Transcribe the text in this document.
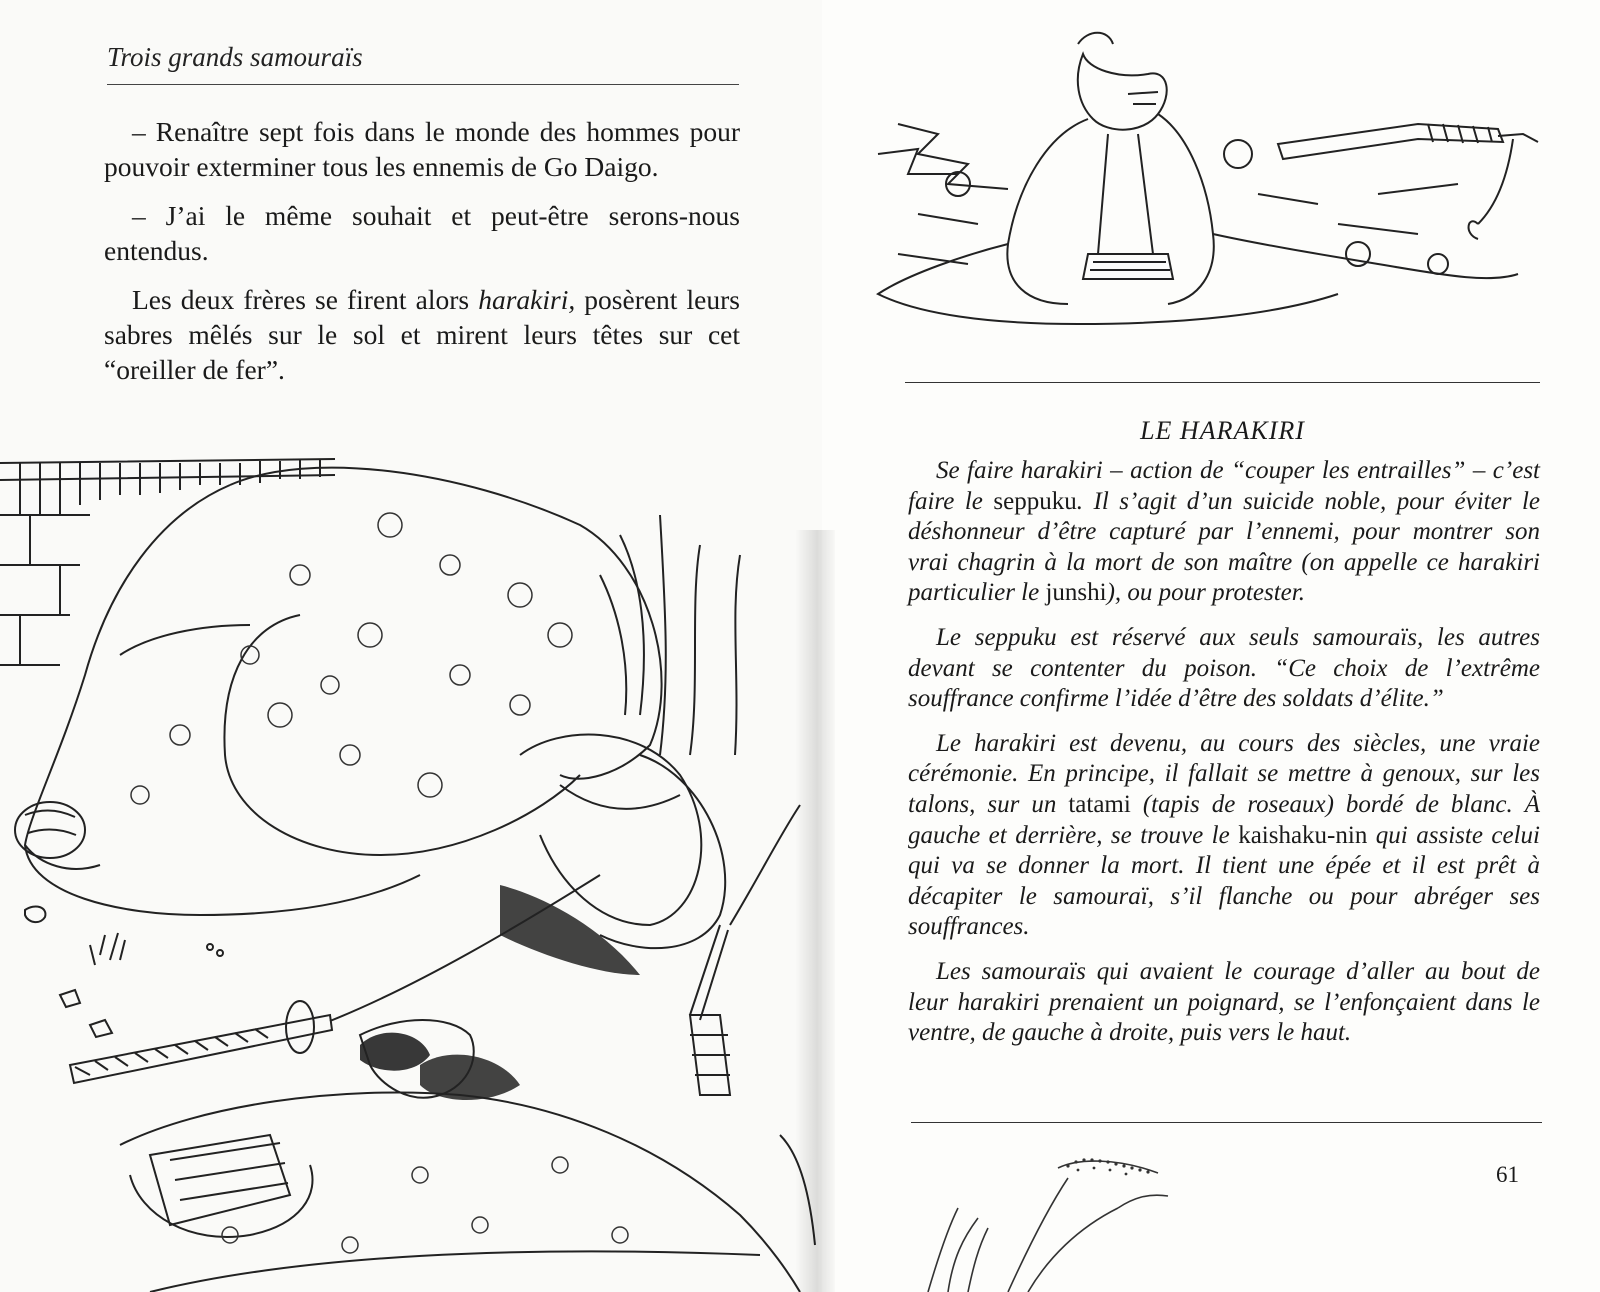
Trois grands samouraïs

– Renaître sept fois dans le monde des hommes pour pouvoir exterminer tous les ennemis de Go Daigo.

– J’ai le même souhait et peut-être serons-nous entendus.

Les deux frères se firent alors harakiri, posèrent leurs sabres mêlés sur le sol et mirent leurs têtes sur cet “oreiller de fer”.

LE HARAKIRI

Se faire harakiri – action de “couper les entrailles” – c’est faire le seppuku. Il s’agit d’un suicide noble, pour éviter le déshonneur d’être capturé par l’ennemi, pour montrer son vrai chagrin à la mort de son maître (on appelle ce harakiri particulier le junshi), ou pour protester.

Le seppuku est réservé aux seuls samouraïs, les autres devant se contenter du poison. “Ce choix de l’extrême souffrance confirme l’idée d’être des soldats d’élite.”

Le harakiri est devenu, au cours des siècles, une vraie cérémonie. En principe, il fallait se mettre à genoux, sur les talons, sur un tatami (tapis de roseaux) bordé de blanc. À gauche et derrière, se trouve le kaishaku-nin qui assiste celui qui va se donner la mort. Il tient une épée et il est prêt à décapiter le samouraï, s’il flanche ou pour abréger ses souffrances.

Les samouraïs qui avaient le courage d’aller au bout de leur harakiri prenaient un poignard, se l’enfonçaient dans le ventre, de gauche à droite, puis vers le haut.

61
